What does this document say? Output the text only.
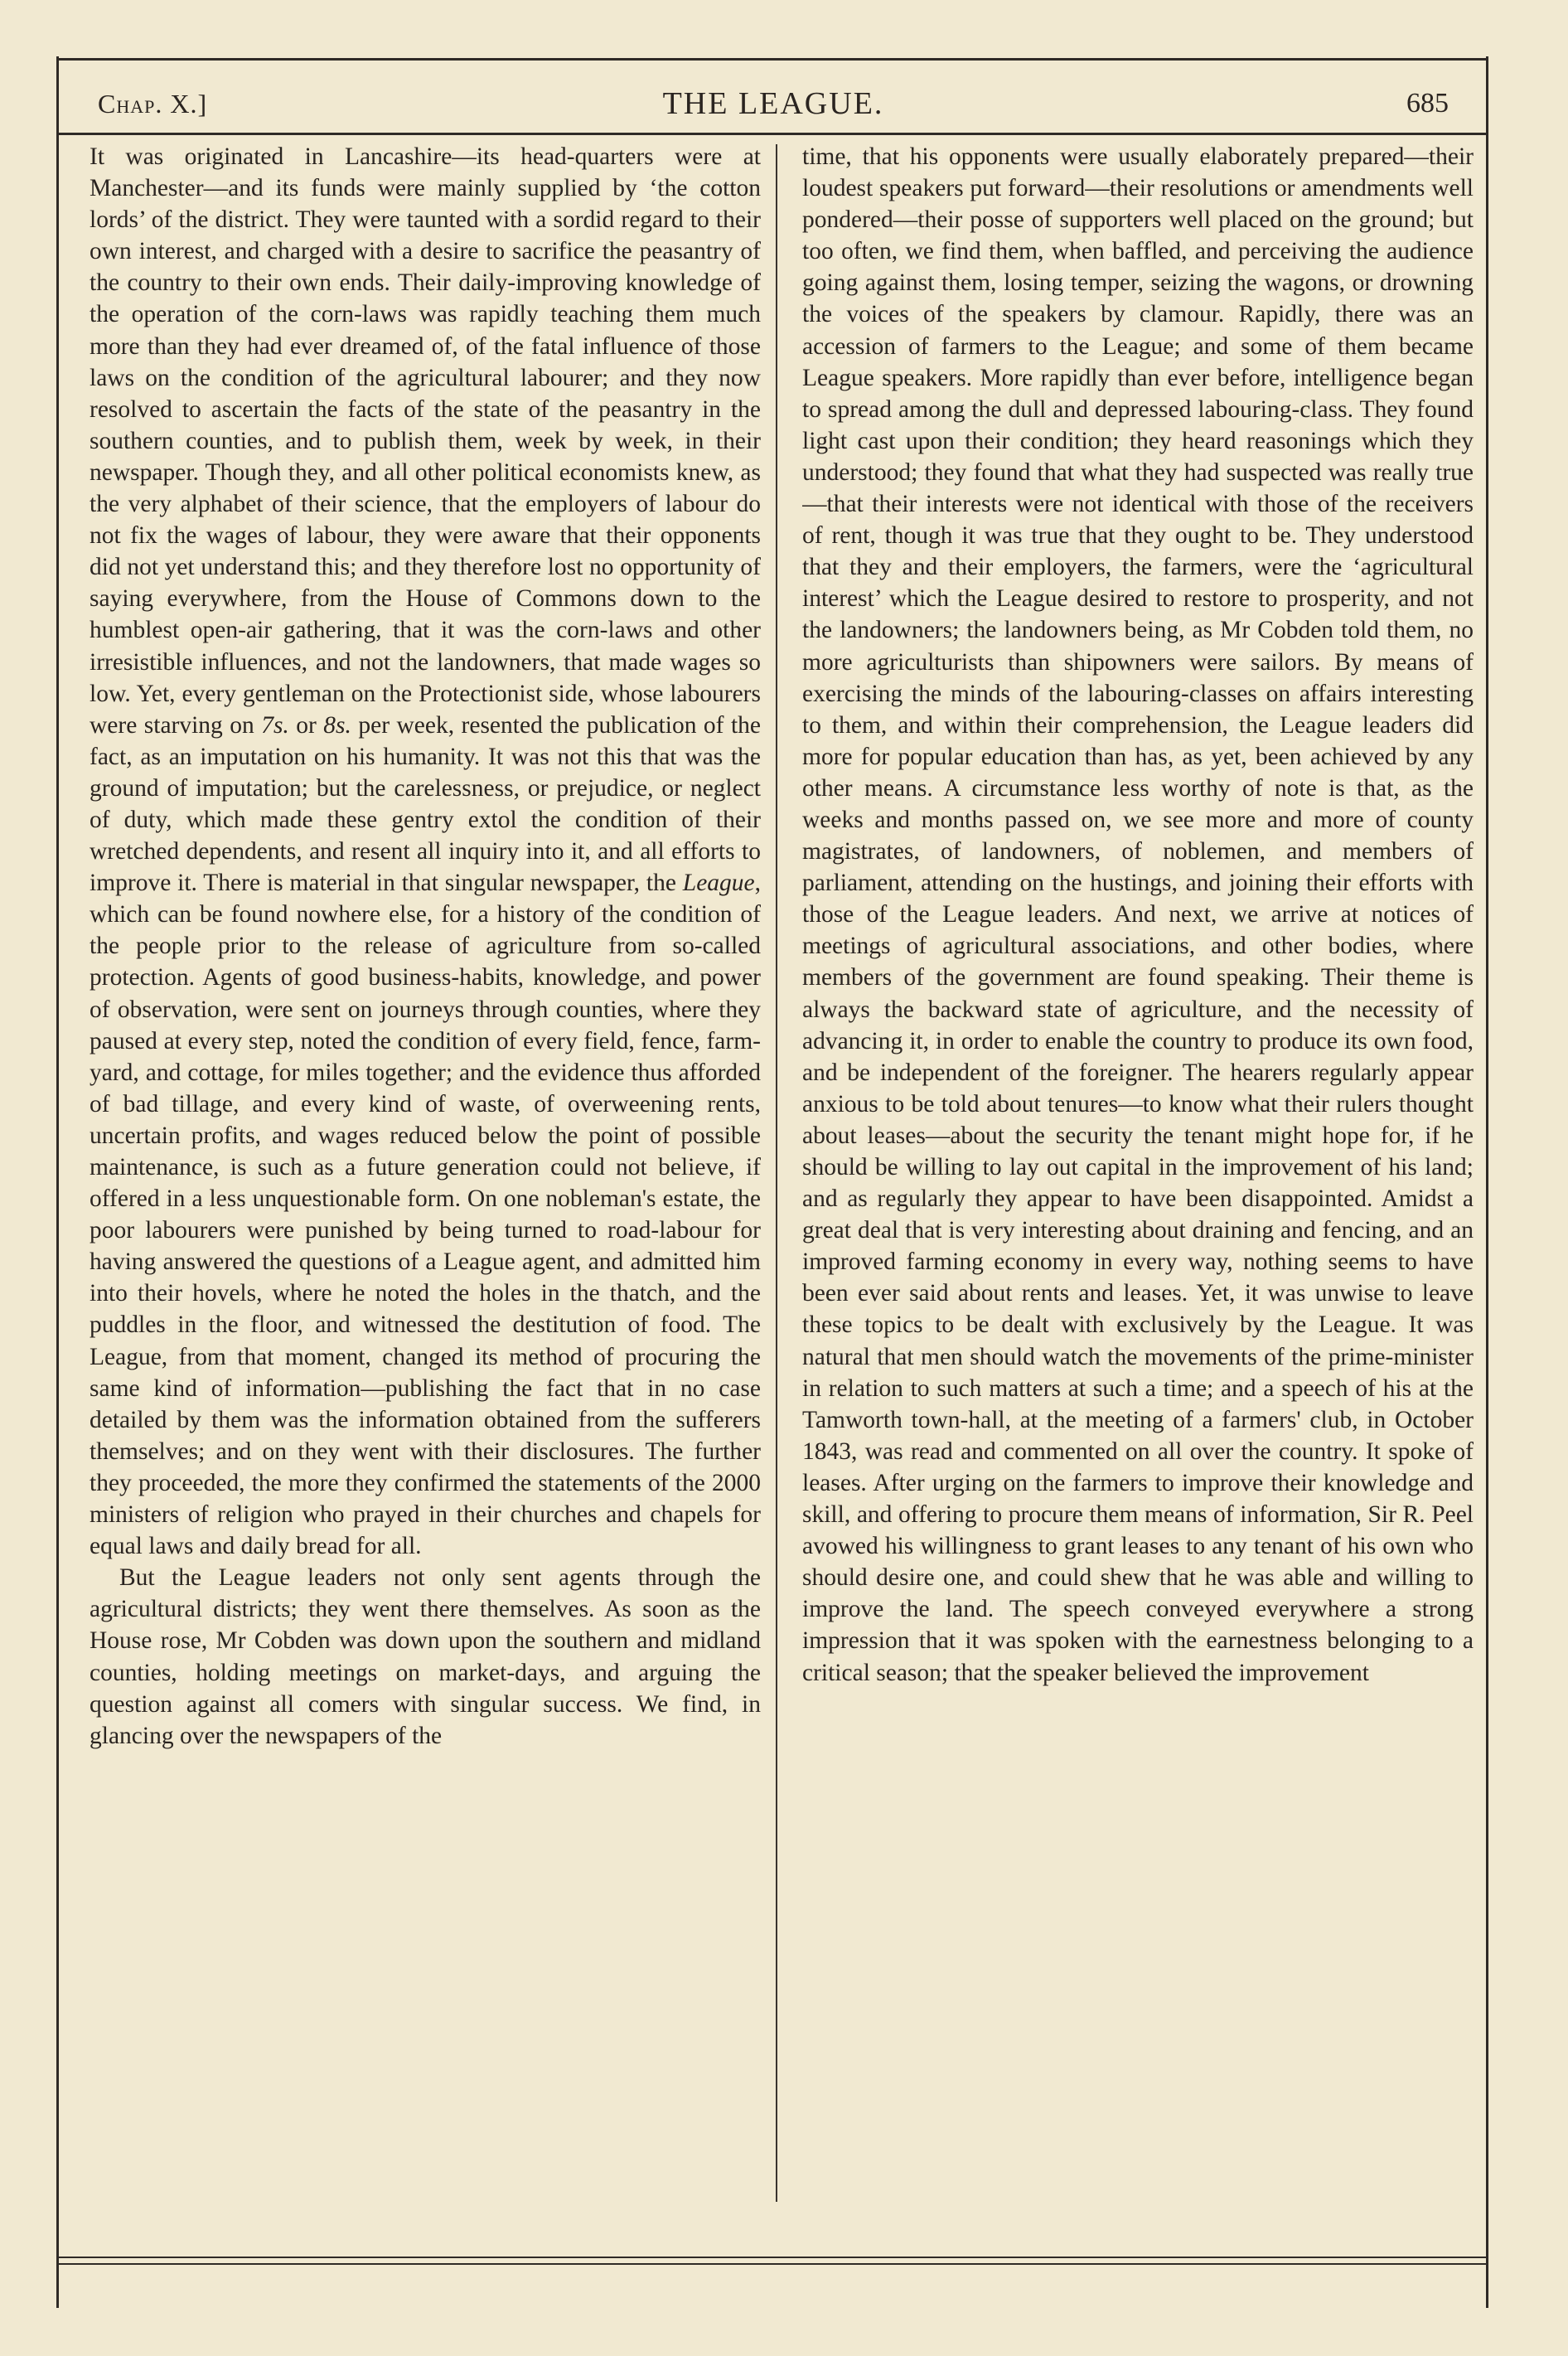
THE LEAGUE.
Chap. X.]	685

It was originated in Lancashire—its head-quarters were at Manchester—and its funds were mainly supplied by ‘the cotton lords’ of the district. They were taunted with a sordid regard to their own interest, and charged with a desire to sacrifice the peasantry of the country to their own ends. Their daily-improving knowledge of the operation of the corn-laws was rapidly teaching them much more than they had ever dreamed of, of the fatal influence of those laws on the condition of the agricultural labourer; and they now resolved to ascertain the facts of the state of the peasantry in the southern counties, and to publish them, week by week, in their newspaper. Though they, and all other political economists knew, as the very alphabet of their science, that the employers of labour do not fix the wages of labour, they were aware that their opponents did not yet understand this; and they therefore lost no opportunity of saying everywhere, from the House of Commons down to the humblest open-air gathering, that it was the corn-laws and other irresistible influences, and not the landowners, that made wages so low. Yet, every gentleman on the Protectionist side, whose labourers were starving on 7s. or 8s. per week, resented the publication of the fact, as an imputation on his humanity. It was not this that was the ground of imputation; but the carelessness, or prejudice, or neglect of duty, which made these gentry extol the condition of their wretched dependents, and resent all inquiry into it, and all efforts to improve it. There is material in that singular newspaper, the League, which can be found nowhere else, for a history of the condition of the people prior to the release of agriculture from so-called protection. Agents of good business-habits, knowledge, and power of observation, were sent on journeys through counties, where they paused at every step, noted the condition of every field, fence, farm-yard, and cottage, for miles together; and the evidence thus afforded of bad tillage, and every kind of waste, of overweening rents, uncertain profits, and wages reduced below the point of possible maintenance, is such as a future generation could not believe, if offered in a less unquestionable form. On one nobleman's estate, the poor labourers were punished by being turned to road-labour for having answered the questions of a League agent, and admitted him into their hovels, where he noted the holes in the thatch, and the puddles in the floor, and witnessed the destitution of food. The League, from that moment, changed its method of procuring the same kind of information—publishing the fact that in no case detailed by them was the information obtained from the sufferers themselves; and on they went with their disclosures. The further they proceeded, the more they confirmed the statements of the 2000 ministers of religion who prayed in their churches and chapels for equal laws and daily bread for all.

But the League leaders not only sent agents through the agricultural districts; they went there themselves. As soon as the House rose, Mr Cobden was down upon the southern and midland counties, holding meetings on market-days, and arguing the question against all comers with singular success. We find, in glancing over the newspapers of the

time, that his opponents were usually elaborately prepared—their loudest speakers put forward—their resolutions or amendments well pondered—their posse of supporters well placed on the ground; but too often, we find them, when baffled, and perceiving the audience going against them, losing temper, seizing the wagons, or drowning the voices of the speakers by clamour. Rapidly, there was an accession of farmers to the League; and some of them became League speakers. More rapidly than ever before, intelligence began to spread among the dull and depressed labouring-class. They found light cast upon their condition; they heard reasonings which they understood; they found that what they had suspected was really true—that their interests were not identical with those of the receivers of rent, though it was true that they ought to be. They understood that they and their employers, the farmers, were the ‘agricultural interest’ which the League desired to restore to prosperity, and not the landowners; the landowners being, as Mr Cobden told them, no more agriculturists than shipowners were sailors. By means of exercising the minds of the labouring-classes on affairs interesting to them, and within their comprehension, the League leaders did more for popular education than has, as yet, been achieved by any other means. A circumstance less worthy of note is that, as the weeks and months passed on, we see more and more of county magistrates, of landowners, of noblemen, and members of parliament, attending on the hustings, and joining their efforts with those of the League leaders. And next, we arrive at notices of meetings of agricultural associations, and other bodies, where members of the government are found speaking. Their theme is always the backward state of agriculture, and the necessity of advancing it, in order to enable the country to produce its own food, and be independent of the foreigner. The hearers regularly appear anxious to be told about tenures—to know what their rulers thought about leases—about the security the tenant might hope for, if he should be willing to lay out capital in the improvement of his land; and as regularly they appear to have been disappointed. Amidst a great deal that is very interesting about draining and fencing, and an improved farming economy in every way, nothing seems to have been ever said about rents and leases. Yet, it was unwise to leave these topics to be dealt with exclusively by the League. It was natural that men should watch the movements of the prime-minister in relation to such matters at such a time; and a speech of his at the Tamworth town-hall, at the meeting of a farmers' club, in October 1843, was read and commented on all over the country. It spoke of leases. After urging on the farmers to improve their knowledge and skill, and offering to procure them means of information, Sir R. Peel avowed his willingness to grant leases to any tenant of his own who should desire one, and could shew that he was able and willing to improve the land. The speech conveyed everywhere a strong impression that it was spoken with the earnestness belonging to a critical season; that the speaker believed the improvement
